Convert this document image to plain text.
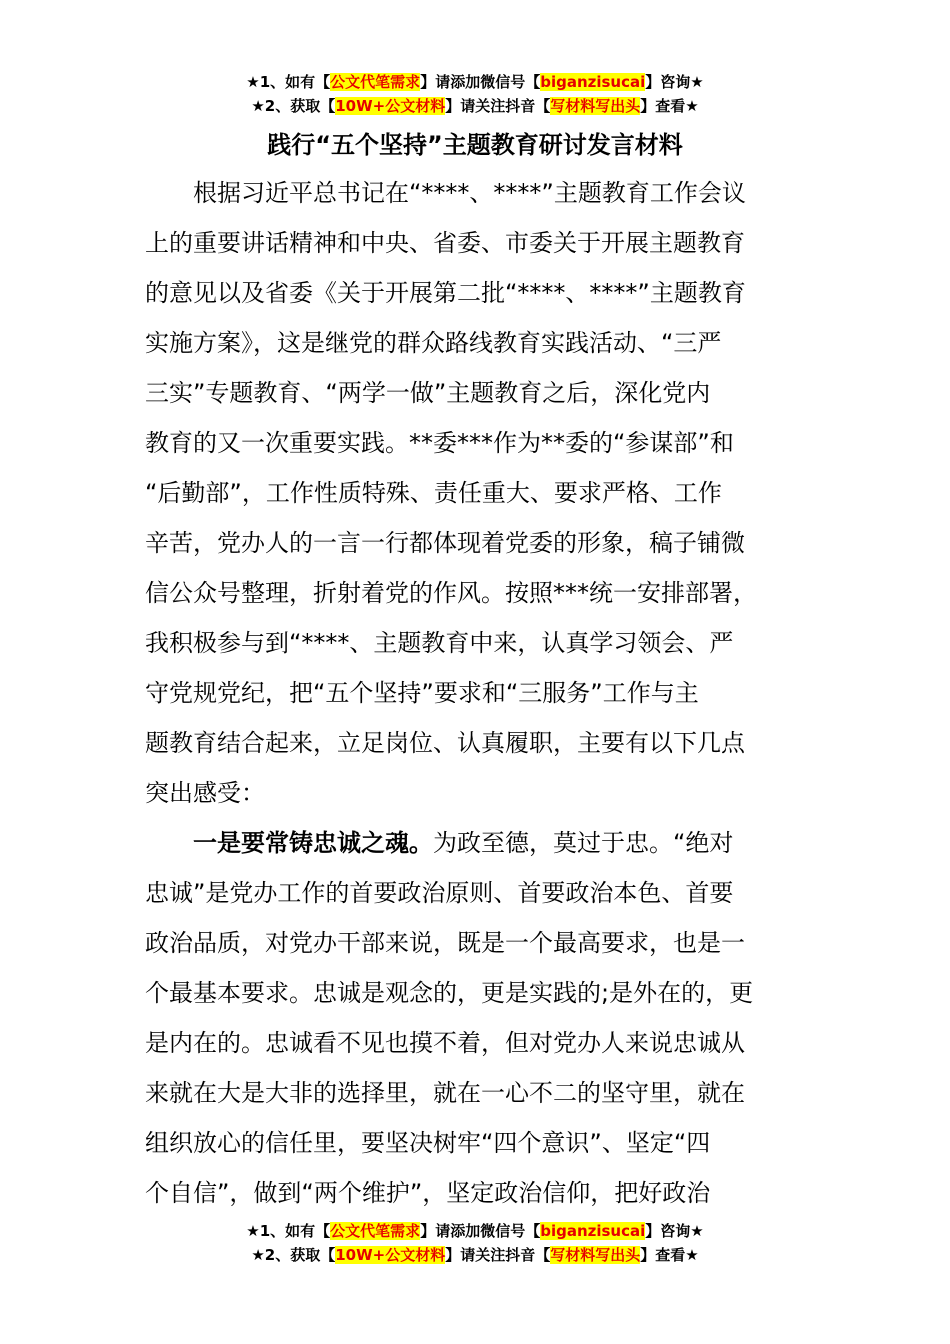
★1、如有【公文代笔需求】请添加微信号【biganzisucai】咨询★
★2、获取【10W+公文材料】请关注抖音【写材料写出头】查看★
践行“五个坚持”主题教育研讨发言材料
　　根据习近平总书记在“****、****”主题教育工作会议
上的重要讲话精神和中央、省委、市委关于开展主题教育
的意见以及省委《关于开展第二批“****、****”主题教育
实施方案》，这是继党的群众路线教育实践活动、“三严
三实”专题教育、“两学一做”主题教育之后，深化党内
教育的又一次重要实践。**委***作为**委的“参谋部”和
“后勤部”，工作性质特殊、责任重大、要求严格、工作
辛苦，党办人的一言一行都体现着党委的形象，稿子铺微
信公众号整理，折射着党的作风。按照***统一安排部署，
我积极参与到“****、主题教育中来，认真学习领会、严
守党规党纪，把“五个坚持”要求和“三服务”工作与主
题教育结合起来，立足岗位、认真履职，主要有以下几点
突出感受：
　　一是要常铸忠诚之魂。为政至德，莫过于忠。“绝对
忠诚”是党办工作的首要政治原则、首要政治本色、首要
政治品质，对党办干部来说，既是一个最高要求，也是一
个最基本要求。忠诚是观念的，更是实践的;是外在的，更
是内在的。忠诚看不见也摸不着，但对党办人来说忠诚从
来就在大是大非的选择里，就在一心不二的坚守里，就在
组织放心的信任里，要坚决树牢“四个意识”、坚定“四
个自信”，做到“两个维护”，坚定政治信仰，把好政治
★1、如有【公文代笔需求】请添加微信号【biganzisucai】咨询★
★2、获取【10W+公文材料】请关注抖音【写材料写出头】查看★
